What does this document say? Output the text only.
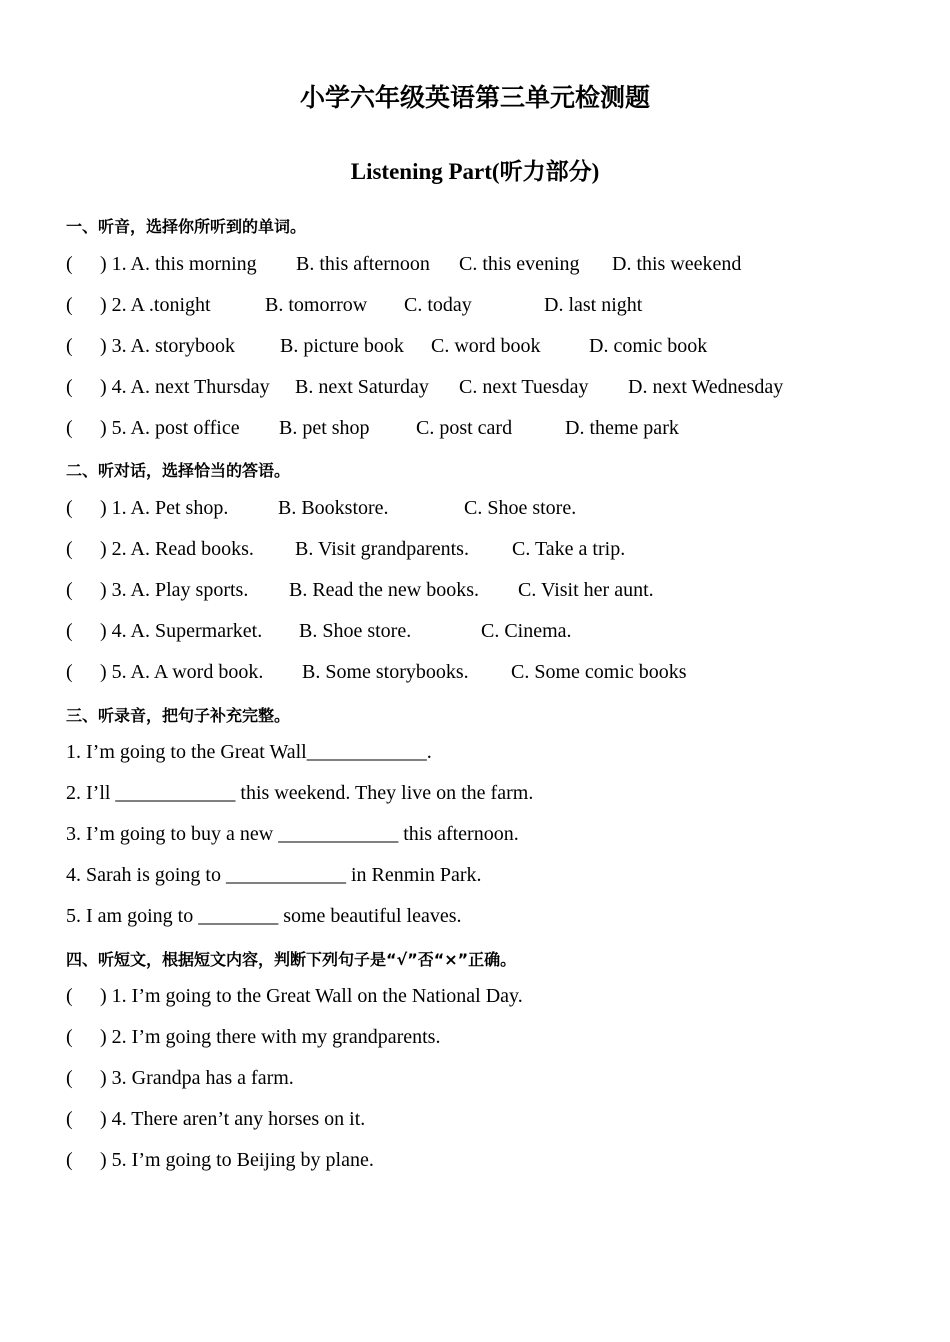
小学六年级英语第三单元检测题
Listening Part(听力部分)
一、听音，选择你所听到的单词。
二、听对话，选择恰当的答语。
三、听录音，把句子补充完整。
四、听短文，根据短文内容，判断下列句子是“√”否“×”正确。
( ) 1. A. this morning B. this afternoon C. this evening D. this weekend
( ) 2. A .tonight	B. tomorrow C. today	D. last night
( ) 3. A. storybook B. picture book C. word book D. comic book
( ) 4. A. next Thursday B. next Saturday C. next Tuesday D. next Wednesday
( ) 5. A. post office B. pet shop C. post card	D. theme park
( ) 1. A. Pet shop. B. Bookstore.	C. Shoe store.
( ) 2. A. Read books. B. Visit grandparents. C. Take a trip.
( ) 3. A. Play sports. B. Read the new books. C. Visit her aunt.
( ) 4. A. Supermarket. B. Shoe store.	C. Cinema.
( ) 5. A. A word book. B. Some storybooks. C. Some comic books
1. I’m going to the Great Wall____________.
2. I’ll ____________ this weekend. They live on the farm.
3. I’m going to buy a new ____________ this afternoon.
4. Sarah is going to ____________ in Renmin Park.
5. I am going to ________ some beautiful leaves.
( ) 1. I’m going to the Great Wall on the National Day.
( ) 2. I’m going there with my grandparents.
( ) 3. Grandpa has a farm.
( ) 4. There aren’t any horses on it.
( ) 5. I’m going to Beijing by plane.
